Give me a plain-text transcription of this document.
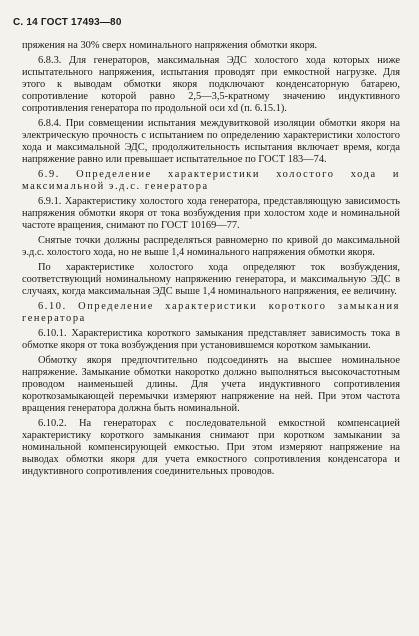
С. 14 ГОСТ 17493—80

пряжения на 30% сверх номинального напряжения обмотки якоря.

6.8.3. Для генераторов, максимальная ЭДС холостого хода которых ниже испытательного напряжения, испытания проводят при емкостной нагрузке. Для этого к выводам обмотки якоря подключают конденсаторную батарею, сопротивление которой равно 2,5—3,5-кратному значению индуктивного сопротивления генератора по продольной оси xd (п. 6.15.1).

6.8.4. При совмещении испытания междувитковой изоляции обмотки якоря на электрическую прочность с испытанием по определению характеристики холостого хода и максимальной ЭДС, продолжительность испытания включает время, когда напряжение равно или превышает испытательное по ГОСТ 183—74.

6.9. Определение характеристики холостого хода и максимальной э.д.с. генератора

6.9.1. Характеристику холостого хода генератора, представляющую зависимость напряжения обмотки якоря от тока возбуждения при холостом ходе и номинальной частоте вращения, снимают по ГОСТ 10169—77.

Снятые точки должны распределяться равномерно по кривой до максимальной э.д.с. холостого хода, но не выше 1,4 номинального напряжения обмотки якоря.

По характеристике холостого хода определяют ток возбуждения, соответствующий номинальному напряжению генератора, и максимальную ЭДС в случаях, когда максимальная ЭДС выше 1,4 номинального напряжения, ее величину.

6.10. Определение характеристики короткого замыкания генератора

6.10.1. Характеристика короткого замыкания представляет зависимость тока в обмотке якоря от тока возбуждения при установившемся коротком замыкании.

Обмотку якоря предпочтительно подсоединять на высшее номинальное напряжение. Замыкание обмотки накоротко должно выполняться высокочастотным проводом наименьшей длины. Для учета индуктивного сопротивления короткозамыкающей перемычки измеряют напряжение на ней. При этом частота вращения генератора должна быть номинальной.

6.10.2. На генераторах с последовательной емкостной компенсацией характеристику короткого замыкания снимают при коротком замыкании за номинальной компенсирующей емкостью. При этом измеряют напряжение на выводах обмотки якоря для учета емкостного сопротивления конденсатора и индуктивного сопротивления соединительных проводов.
